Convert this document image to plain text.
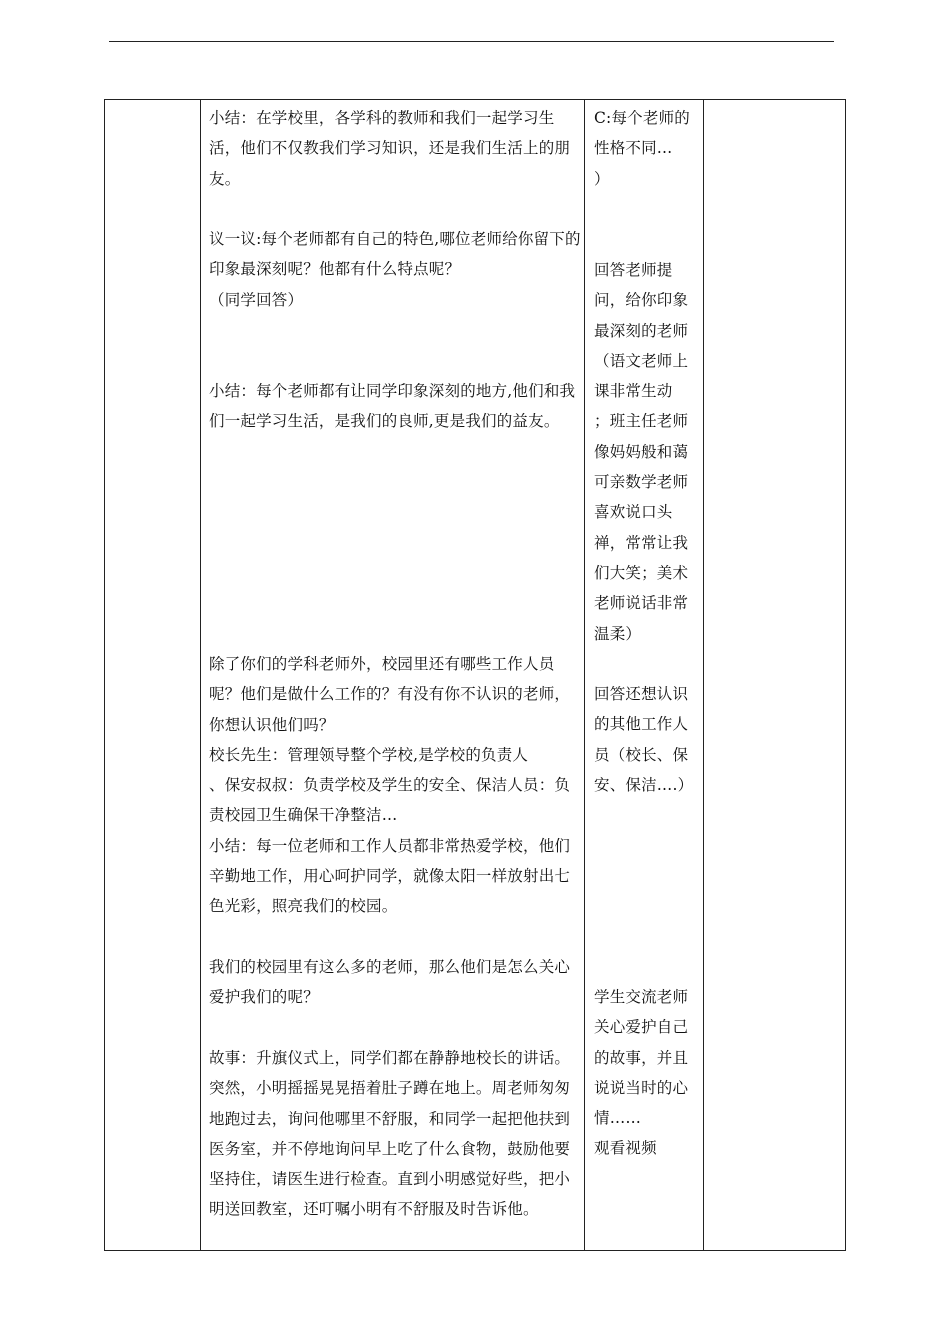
小结：在学校里，各学科的教师和我们一起学习生活，他们不仅教我们学习知识，还是我们生活上的朋友。

议一议:每个老师都有自己的特色,哪位老师给你留下的印象最深刻呢？他都有什么特点呢？
（同学回答）

小结：每个老师都有让同学印象深刻的地方,他们和我们一起学习生活，是我们的良师,更是我们的益友。

除了你们的学科老师外，校园里还有哪些工作人员呢？他们是做什么工作的？有没有你不认识的老师，你想认识他们吗？
校长先生：管理领导整个学校,是学校的负责人
、保安叔叔：负责学校及学生的安全、保洁人员：负责校园卫生确保干净整洁…
小结：每一位老师和工作人员都非常热爱学校，他们辛勤地工作，用心呵护同学，就像太阳一样放射出七色光彩，照亮我们的校园。

我们的校园里有这么多的老师，那么他们是怎么关心爱护我们的呢？

故事：升旗仪式上，同学们都在静静地校长的讲话。突然，小明摇摇晃晃捂着肚子蹲在地上。周老师匆匆地跑过去，询问他哪里不舒服，和同学一起把他扶到医务室，并不停地询问早上吃了什么食物，鼓励他要坚持住，请医生进行检查。直到小明感觉好些，把小明送回教室，还叮嘱小明有不舒服及时告诉他。

C:每个老师的性格不同…
）

回答老师提问，给你印象最深刻的老师（语文老师上课非常生动
；班主任老师像妈妈般和蔼可亲数学老师喜欢说口头禅，常常让我们大笑；美术老师说话非常温柔）

回答还想认识的其他工作人员（校长、保安、保洁….）

学生交流老师关心爱护自己的故事，并且说说当时的心情……
观看视频
